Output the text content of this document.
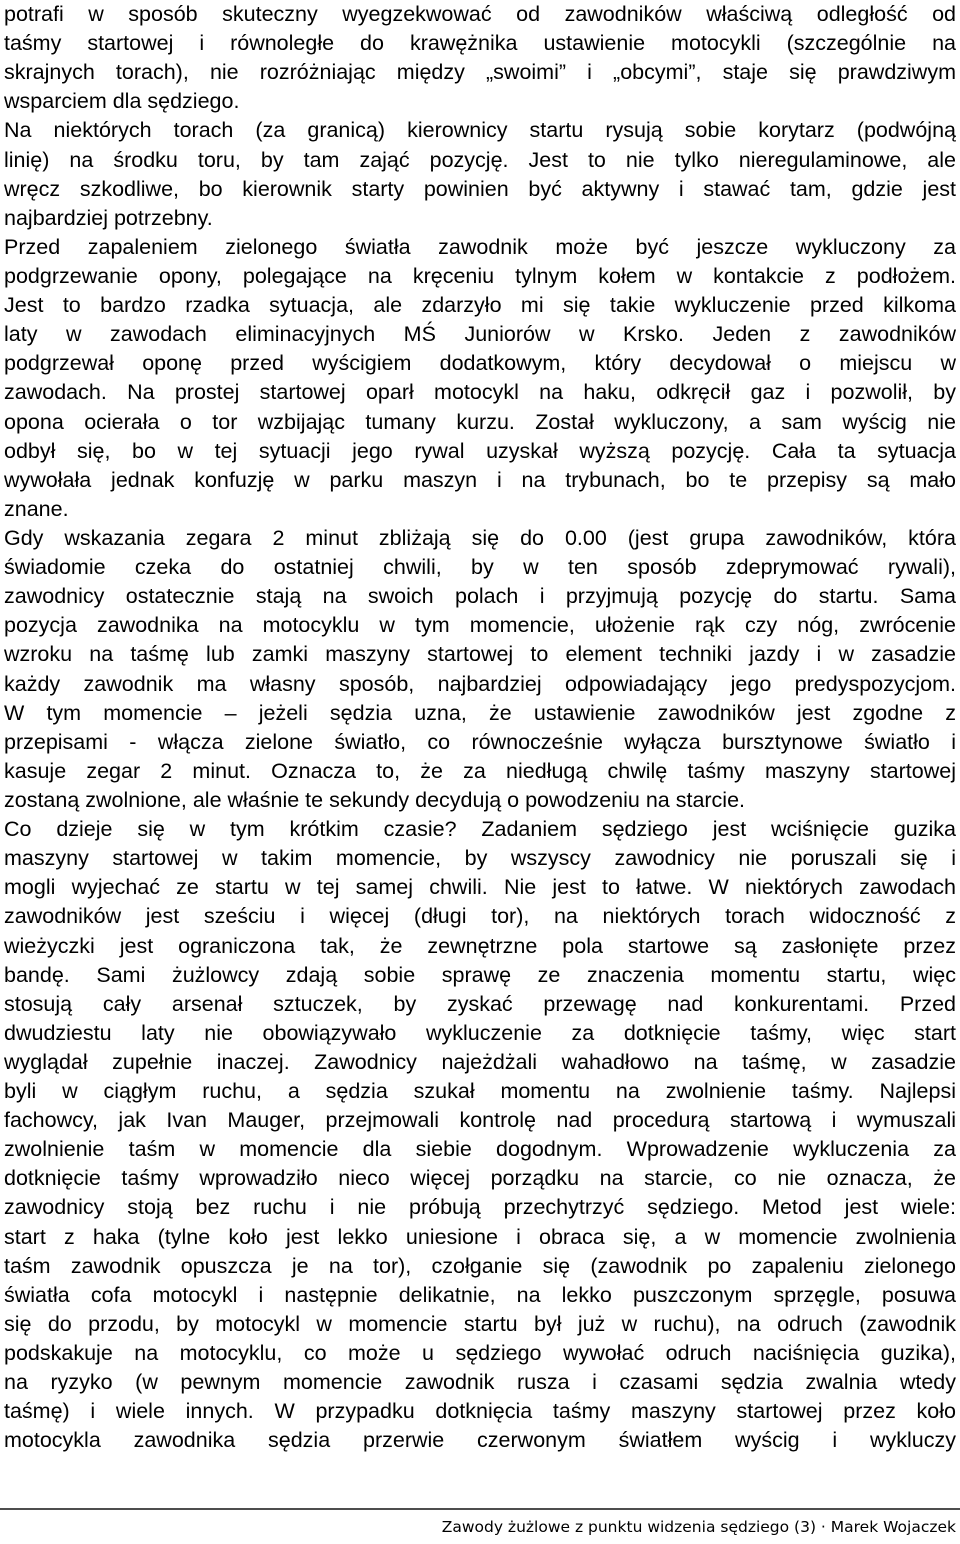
potrafi w sposób skuteczny wyegzekwować od zawodników właściwą odległość od
taśmy startowej i równoległe do krawężnika ustawienie motocykli (szczególnie na
skrajnych torach), nie rozróżniając między „swoimi” i „obcymi”, staje się prawdziwym
wsparciem dla sędziego.
Na niektórych torach (za granicą) kierownicy startu rysują sobie korytarz (podwójną
linię) na środku toru, by tam zająć pozycję. Jest to nie tylko nieregulaminowe, ale
wręcz szkodliwe, bo kierownik starty powinien być aktywny i stawać tam, gdzie jest
najbardziej potrzebny.
Przed zapaleniem zielonego światła zawodnik może być jeszcze wykluczony za
podgrzewanie opony, polegające na kręceniu tylnym kołem w kontakcie z podłożem.
Jest to bardzo rzadka sytuacja, ale zdarzyło mi się takie wykluczenie przed kilkoma
laty w zawodach eliminacyjnych MŚ Juniorów w Krsko. Jeden z zawodników
podgrzewał oponę przed wyścigiem dodatkowym, który decydował o miejscu w
zawodach. Na prostej startowej oparł motocykl na haku, odkręcił gaz i pozwolił, by
opona ocierała o tor wzbijając tumany kurzu. Został wykluczony, a sam wyścig nie
odbył się, bo w tej sytuacji jego rywal uzyskał wyższą pozycję. Cała ta sytuacja
wywołała jednak konfuzję w parku maszyn i na trybunach, bo te przepisy są mało
znane.
Gdy wskazania zegara 2 minut zbliżają się do 0.00 (jest grupa zawodników, która
świadomie czeka do ostatniej chwili, by w ten sposób zdeprymować rywali),
zawodnicy ostatecznie stają na swoich polach i przyjmują pozycję do startu. Sama
pozycja zawodnika na motocyklu w tym momencie, ułożenie rąk czy nóg, zwrócenie
wzroku na taśmę lub zamki maszyny startowej to element techniki jazdy i w zasadzie
każdy zawodnik ma własny sposób, najbardziej odpowiadający jego predyspozycjom.
W tym momencie – jeżeli sędzia uzna, że ustawienie zawodników jest zgodne z
przepisami - włącza zielone światło, co równocześnie wyłącza bursztynowe światło i
kasuje zegar 2 minut. Oznacza to, że za niedługą chwilę taśmy maszyny startowej
zostaną zwolnione, ale właśnie te sekundy decydują o powodzeniu na starcie.
Co dzieje się w tym krótkim czasie? Zadaniem sędziego jest wciśnięcie guzika
maszyny startowej w takim momencie, by wszyscy zawodnicy nie poruszali się i
mogli wyjechać ze startu w tej samej chwili. Nie jest to łatwe. W niektórych zawodach
zawodników jest sześciu i więcej (długi tor), na niektórych torach widoczność z
wieżyczki jest ograniczona tak, że zewnętrzne pola startowe są zasłonięte przez
bandę. Sami żużlowcy zdają sobie sprawę ze znaczenia momentu startu, więc
stosują cały arsenał sztuczek, by zyskać przewagę nad konkurentami. Przed
dwudziestu laty nie obowiązywało wykluczenie za dotknięcie taśmy, więc start
wyglądał zupełnie inaczej. Zawodnicy najeżdżali wahadłowo na taśmę, w zasadzie
byli w ciągłym ruchu, a sędzia szukał momentu na zwolnienie taśmy. Najlepsi
fachowcy, jak Ivan Mauger, przejmowali kontrolę nad procedurą startową i wymuszali
zwolnienie taśm w momencie dla siebie dogodnym. Wprowadzenie wykluczenia za
dotknięcie taśmy wprowadziło nieco więcej porządku na starcie, co nie oznacza, że
zawodnicy stoją bez ruchu i nie próbują przechytrzyć sędziego. Metod jest wiele:
start z haka (tylne koło jest lekko uniesione i obraca się, a w momencie zwolnienia
taśm zawodnik opuszcza je na tor), czołganie się (zawodnik po zapaleniu zielonego
światła cofa motocykl i następnie delikatnie, na lekko puszczonym sprzęgle, posuwa
się do przodu, by motocykl w momencie startu był już w ruchu), na odruch (zawodnik
podskakuje na motocyklu, co może u sędziego wywołać odruch naciśnięcia guzika),
na ryzyko (w pewnym momencie zawodnik rusza i czasami sędzia zwalnia wtedy
taśmę) i wiele innych. W przypadku dotknięcia taśmy maszyny startowej przez koło
motocykla zawodnika sędzia przerwie czerwonym światłem wyścig i wykluczy
Zawody żużlowe z punktu widzenia sędziego (3) · Marek Wojaczek
